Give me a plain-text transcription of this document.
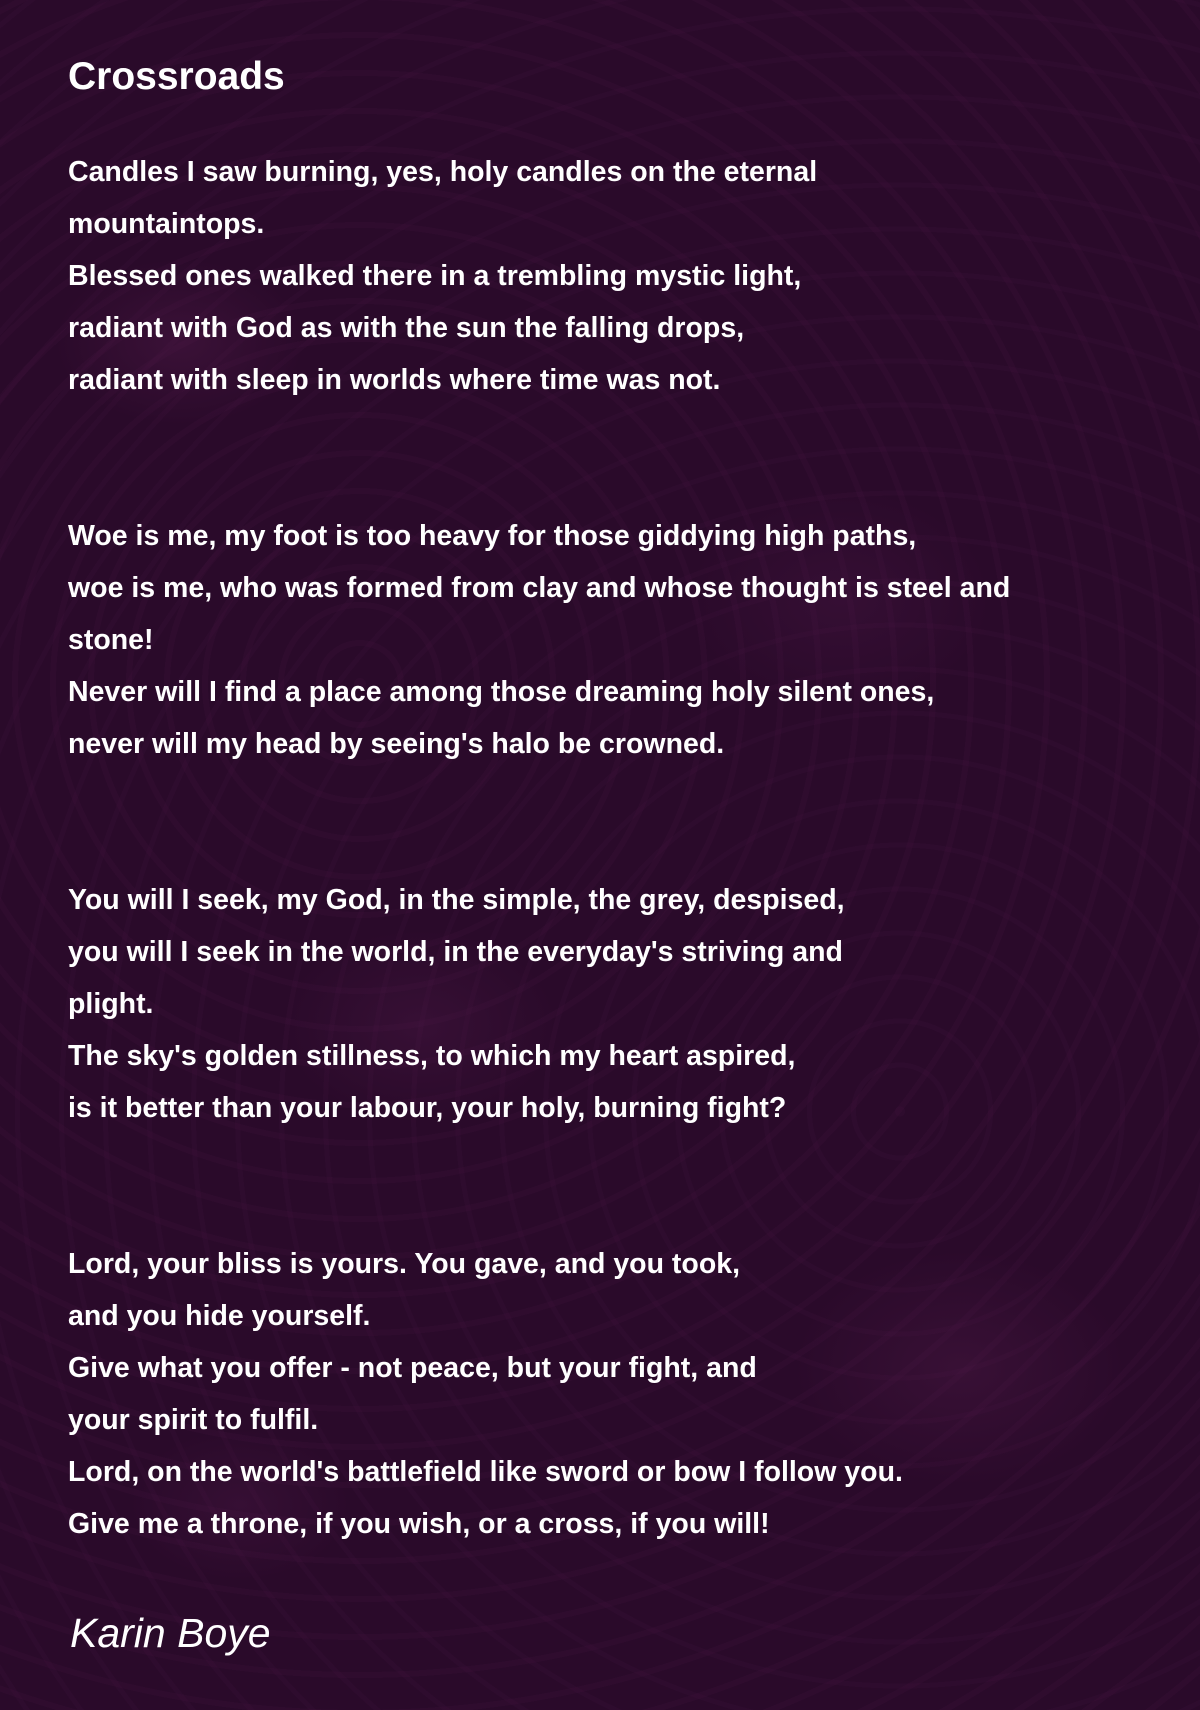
Crossroads
Candles I saw burning, yes, holy candles on the eternal
mountaintops.
Blessed ones walked there in a trembling mystic light,
radiant with God as with the sun the falling drops,
radiant with sleep in worlds where time was not.
Woe is me, my foot is too heavy for those giddying high paths,
woe is me, who was formed from clay and whose thought is steel and
stone!
Never will I find a place among those dreaming holy silent ones,
never will my head by seeing's halo be crowned.
You will I seek, my God, in the simple, the grey, despised,
you will I seek in the world, in the everyday's striving and
plight.
The sky's golden stillness, to which my heart aspired,
is it better than your labour, your holy, burning fight?
Lord, your bliss is yours. You gave, and you took,
and you hide yourself.
Give what you offer - not peace, but your fight, and
your spirit to fulfil.
Lord, on the world's battlefield like sword or bow I follow you.
Give me a throne, if you wish, or a cross, if you will!
Karin Boye
